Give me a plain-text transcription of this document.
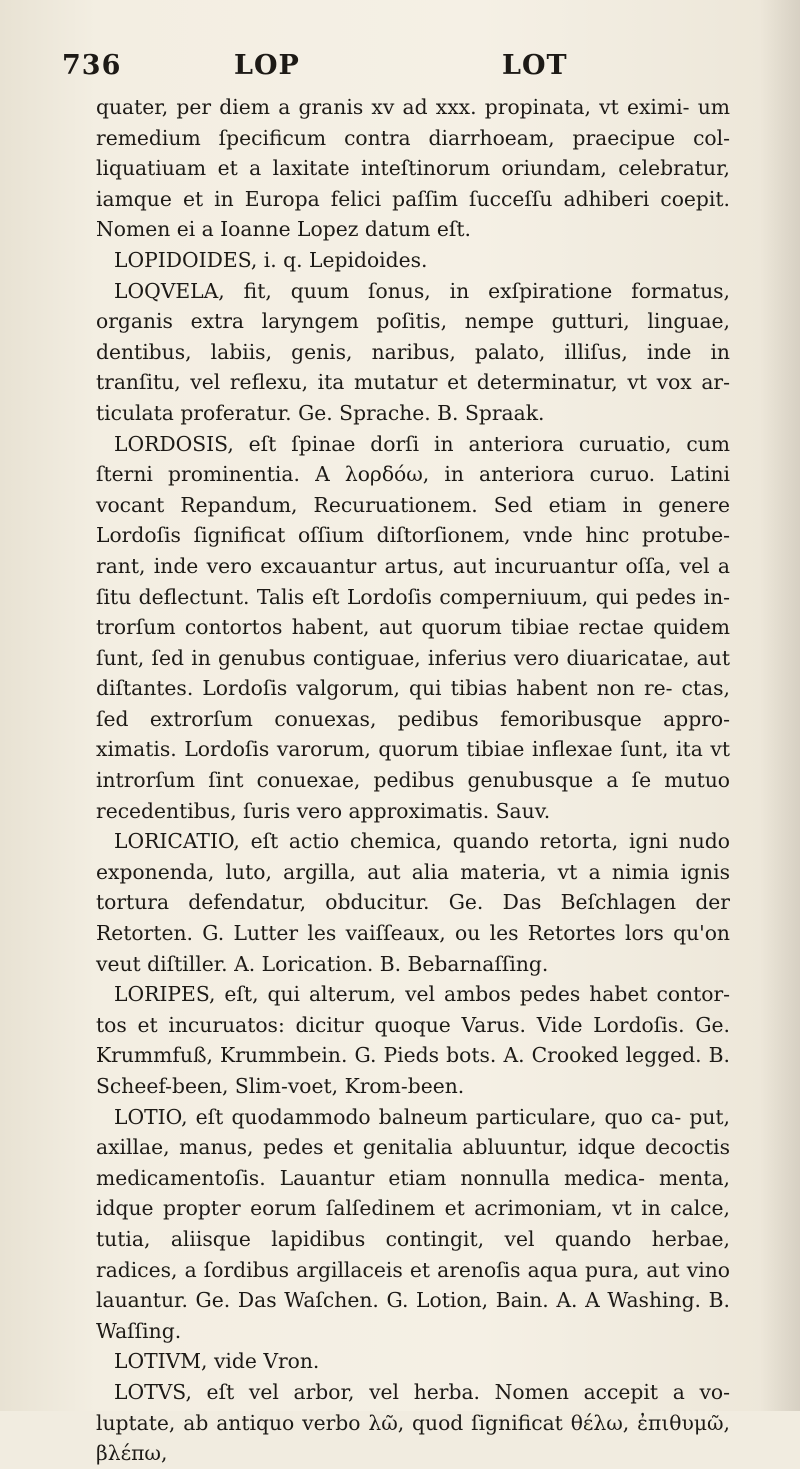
736	LOP	LOT

quater, per diem a granis xv ad xxx. propinata, vt eximi- um remedium ſpecificum contra diarrhoeam, praecipue col- liquatiuam et a laxitate inteſtinorum oriundam, celebratur, iamque et in Europa felici paſſim ſucceſſu adhiberi coepit. Nomen ei a Ioanne Lopez datum eſt.

LOPIDOIDES, i. q. Lepidoides.

LOQVELA, fit, quum ſonus, in exſpiratione formatus, organis extra laryngem poſitis, nempe gutturi, linguae, dentibus, labiis, genis, naribus, palato, illiſus, inde in tranſitu, vel reflexu, ita mutatur et determinatur, vt vox ar- ticulata proferatur. Ge. Sprache. B. Spraak.

LORDOSIS, eſt ſpinae dorſi in anteriora curuatio, cum ſterni prominentia. A λορδόω, in anteriora curuo. Latini vocant Repandum, Recuruationem. Sed etiam in genere Lordoſis ſignificat oſſium diſtorſionem, vnde hinc protube- rant, inde vero excauantur artus, aut incuruantur oſſa, vel a ſitu deflectunt. Talis eſt Lordoſis comperniuum, qui pedes in- trorſum contortos habent, aut quorum tibiae rectae quidem ſunt, ſed in genubus contiguae, inferius vero diuaricatae, aut diſtantes. Lordoſis valgorum, qui tibias habent non re- ctas, ſed extrorſum conuexas, pedibus femoribusque appro- ximatis. Lordoſis varorum, quorum tibiae inflexae ſunt, ita vt introrſum ſint conuexae, pedibus genubusque a ſe mutuo recedentibus, ſuris vero approximatis. Sauv.

LORICATIO, eſt actio chemica, quando retorta, igni nudo exponenda, luto, argilla, aut alia materia, vt a nimia ignis tortura defendatur, obducitur. Ge. Das Beſchlagen der Retorten. G. Lutter les vaiſſeaux, ou les Retortes lors qu'on veut diſtiller. A. Lorication. B. Bebarnaſſing.

LORIPES, eſt, qui alterum, vel ambos pedes habet contor- tos et incuruatos: dicitur quoque Varus. Vide Lordoſis. Ge. Krummfuß, Krummbein. G. Pieds bots. A. Crooked legged. B. Scheef-been, Slim-voet, Krom-been.

LOTIO, eſt quodammodo balneum particulare, quo ca- put, axillae, manus, pedes et genitalia abluuntur, idque decoctis medicamentoſis. Lauantur etiam nonnulla medica- menta, idque propter eorum ſalſedinem et acrimoniam, vt in calce, tutia, aliisque lapidibus contingit, vel quando herbae, radices, a ſordibus argillaceis et arenoſis aqua pura, aut vino lauantur. Ge. Das Waſchen. G. Lotion, Bain. A. A Washing. B. Waſſing.

LOTIVM, vide Vron.

LOTVS, eſt vel arbor, vel herba. Nomen accepit a vo- luptate, ab antiquo verbo λῶ, quod ſignificat θέλω, ἐπιθυμῶ, βλέπω,
